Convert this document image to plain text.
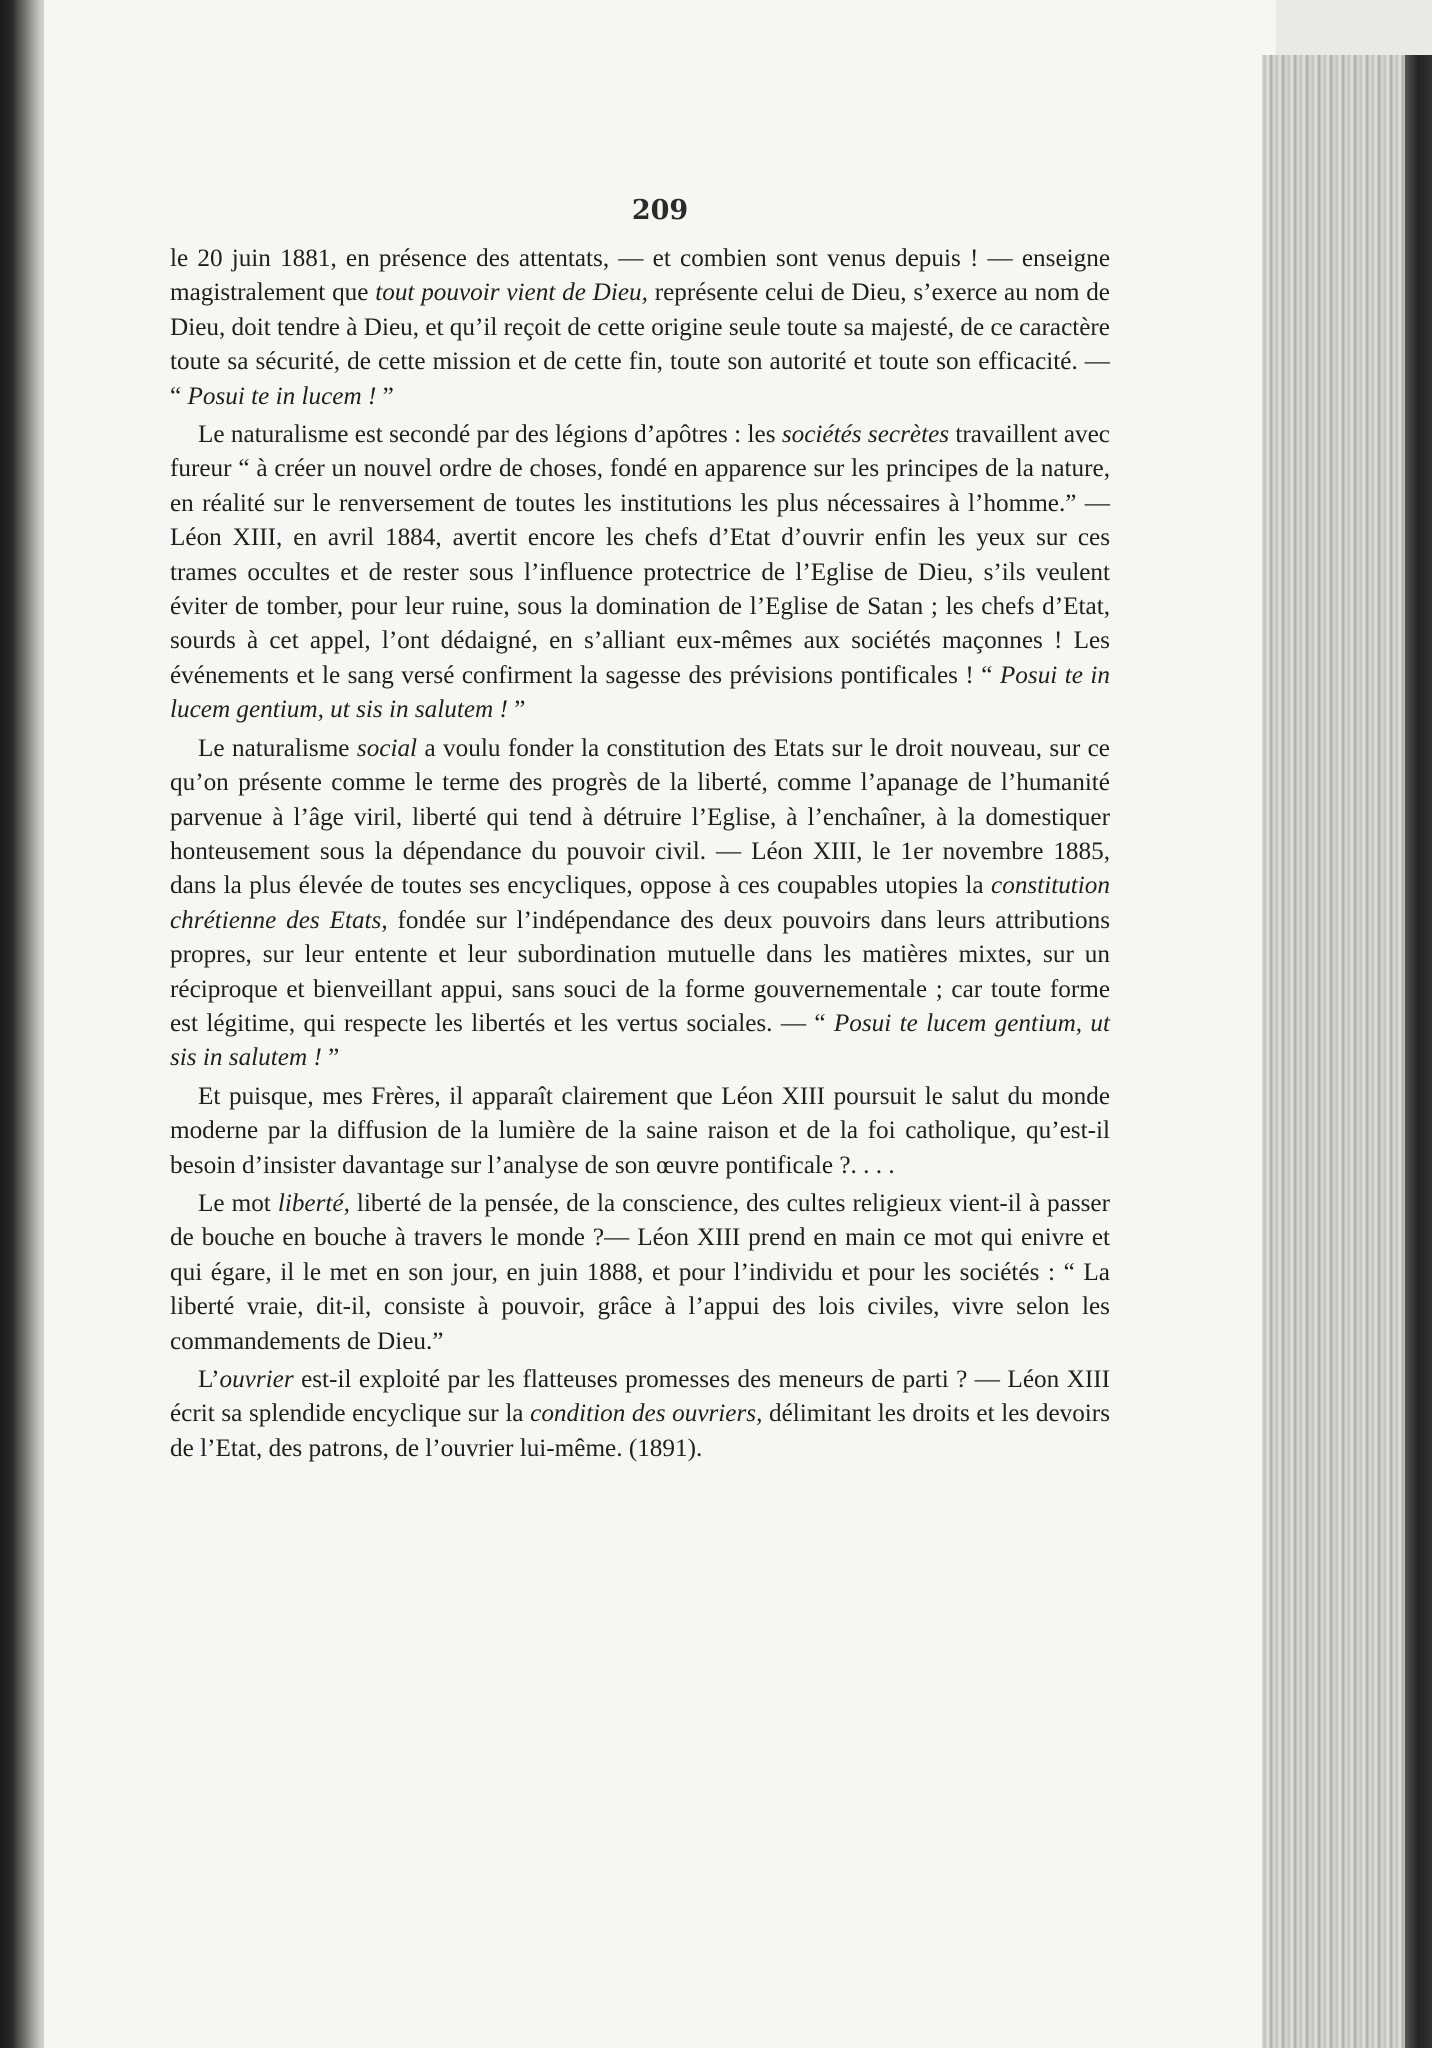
209

le 20 juin 1881, en présence des attentats, — et combien sont venus depuis ! — enseigne magistralement que tout pouvoir vient de Dieu, représente celui de Dieu, s’exerce au nom de Dieu, doit tendre à Dieu, et qu’il reçoit de cette origine seule toute sa majesté, de ce caractère toute sa sécurité, de cette mission et de cette fin, toute son autorité et toute son efficacité. — “ Posui te in lucem ! ”

Le naturalisme est secondé par des légions d’apôtres : les sociétés secrètes travaillent avec fureur “ à créer un nouvel ordre de choses, fondé en apparence sur les principes de la nature, en réalité sur le renversement de toutes les institutions les plus nécessaires à l’homme.” — Léon XIII, en avril 1884, avertit encore les chefs d’Etat d’ouvrir enfin les yeux sur ces trames occultes et de rester sous l’influence protectrice de l’Eglise de Dieu, s’ils veulent éviter de tomber, pour leur ruine, sous la domination de l’Eglise de Satan ; les chefs d’Etat, sourds à cet appel, l’ont dédaigné, en s’alliant eux-mêmes aux sociétés maçonnes ! Les événements et le sang versé confirment la sagesse des prévisions pontificales ! “ Posui te in lucem gentium, ut sis in salutem ! ”

Le naturalisme social a voulu fonder la constitution des Etats sur le droit nouveau, sur ce qu’on présente comme le terme des progrès de la liberté, comme l’apanage de l’humanité parvenue à l’âge viril, liberté qui tend à détruire l’Eglise, à l’enchaîner, à la domestiquer honteusement sous la dépendance du pouvoir civil. — Léon XIII, le 1er novembre 1885, dans la plus élevée de toutes ses encycliques, oppose à ces coupables utopies la constitution chrétienne des Etats, fondée sur l’indépendance des deux pouvoirs dans leurs attributions propres, sur leur entente et leur subordination mutuelle dans les matières mixtes, sur un réciproque et bienveillant appui, sans souci de la forme gouvernementale ; car toute forme est légitime, qui respecte les libertés et les vertus sociales. — “ Posui te lucem gentium, ut sis in salutem ! ”

Et puisque, mes Frères, il apparaît clairement que Léon XIII poursuit le salut du monde moderne par la diffusion de la lumière de la saine raison et de la foi catholique, qu’est-il besoin d’insister davantage sur l’analyse de son œuvre pontificale ?. . . .

Le mot liberté, liberté de la pensée, de la conscience, des cultes religieux vient-il à passer de bouche en bouche à travers le monde ?— Léon XIII prend en main ce mot qui enivre et qui égare, il le met en son jour, en juin 1888, et pour l’individu et pour les sociétés : “ La liberté vraie, dit-il, consiste à pouvoir, grâce à l’appui des lois civiles, vivre selon les commandements de Dieu.”

L’ouvrier est-il exploité par les flatteuses promesses des meneurs de parti ? — Léon XIII écrit sa splendide encyclique sur la condition des ouvriers, délimitant les droits et les devoirs de l’Etat, des patrons, de l’ouvrier lui-même. (1891).
